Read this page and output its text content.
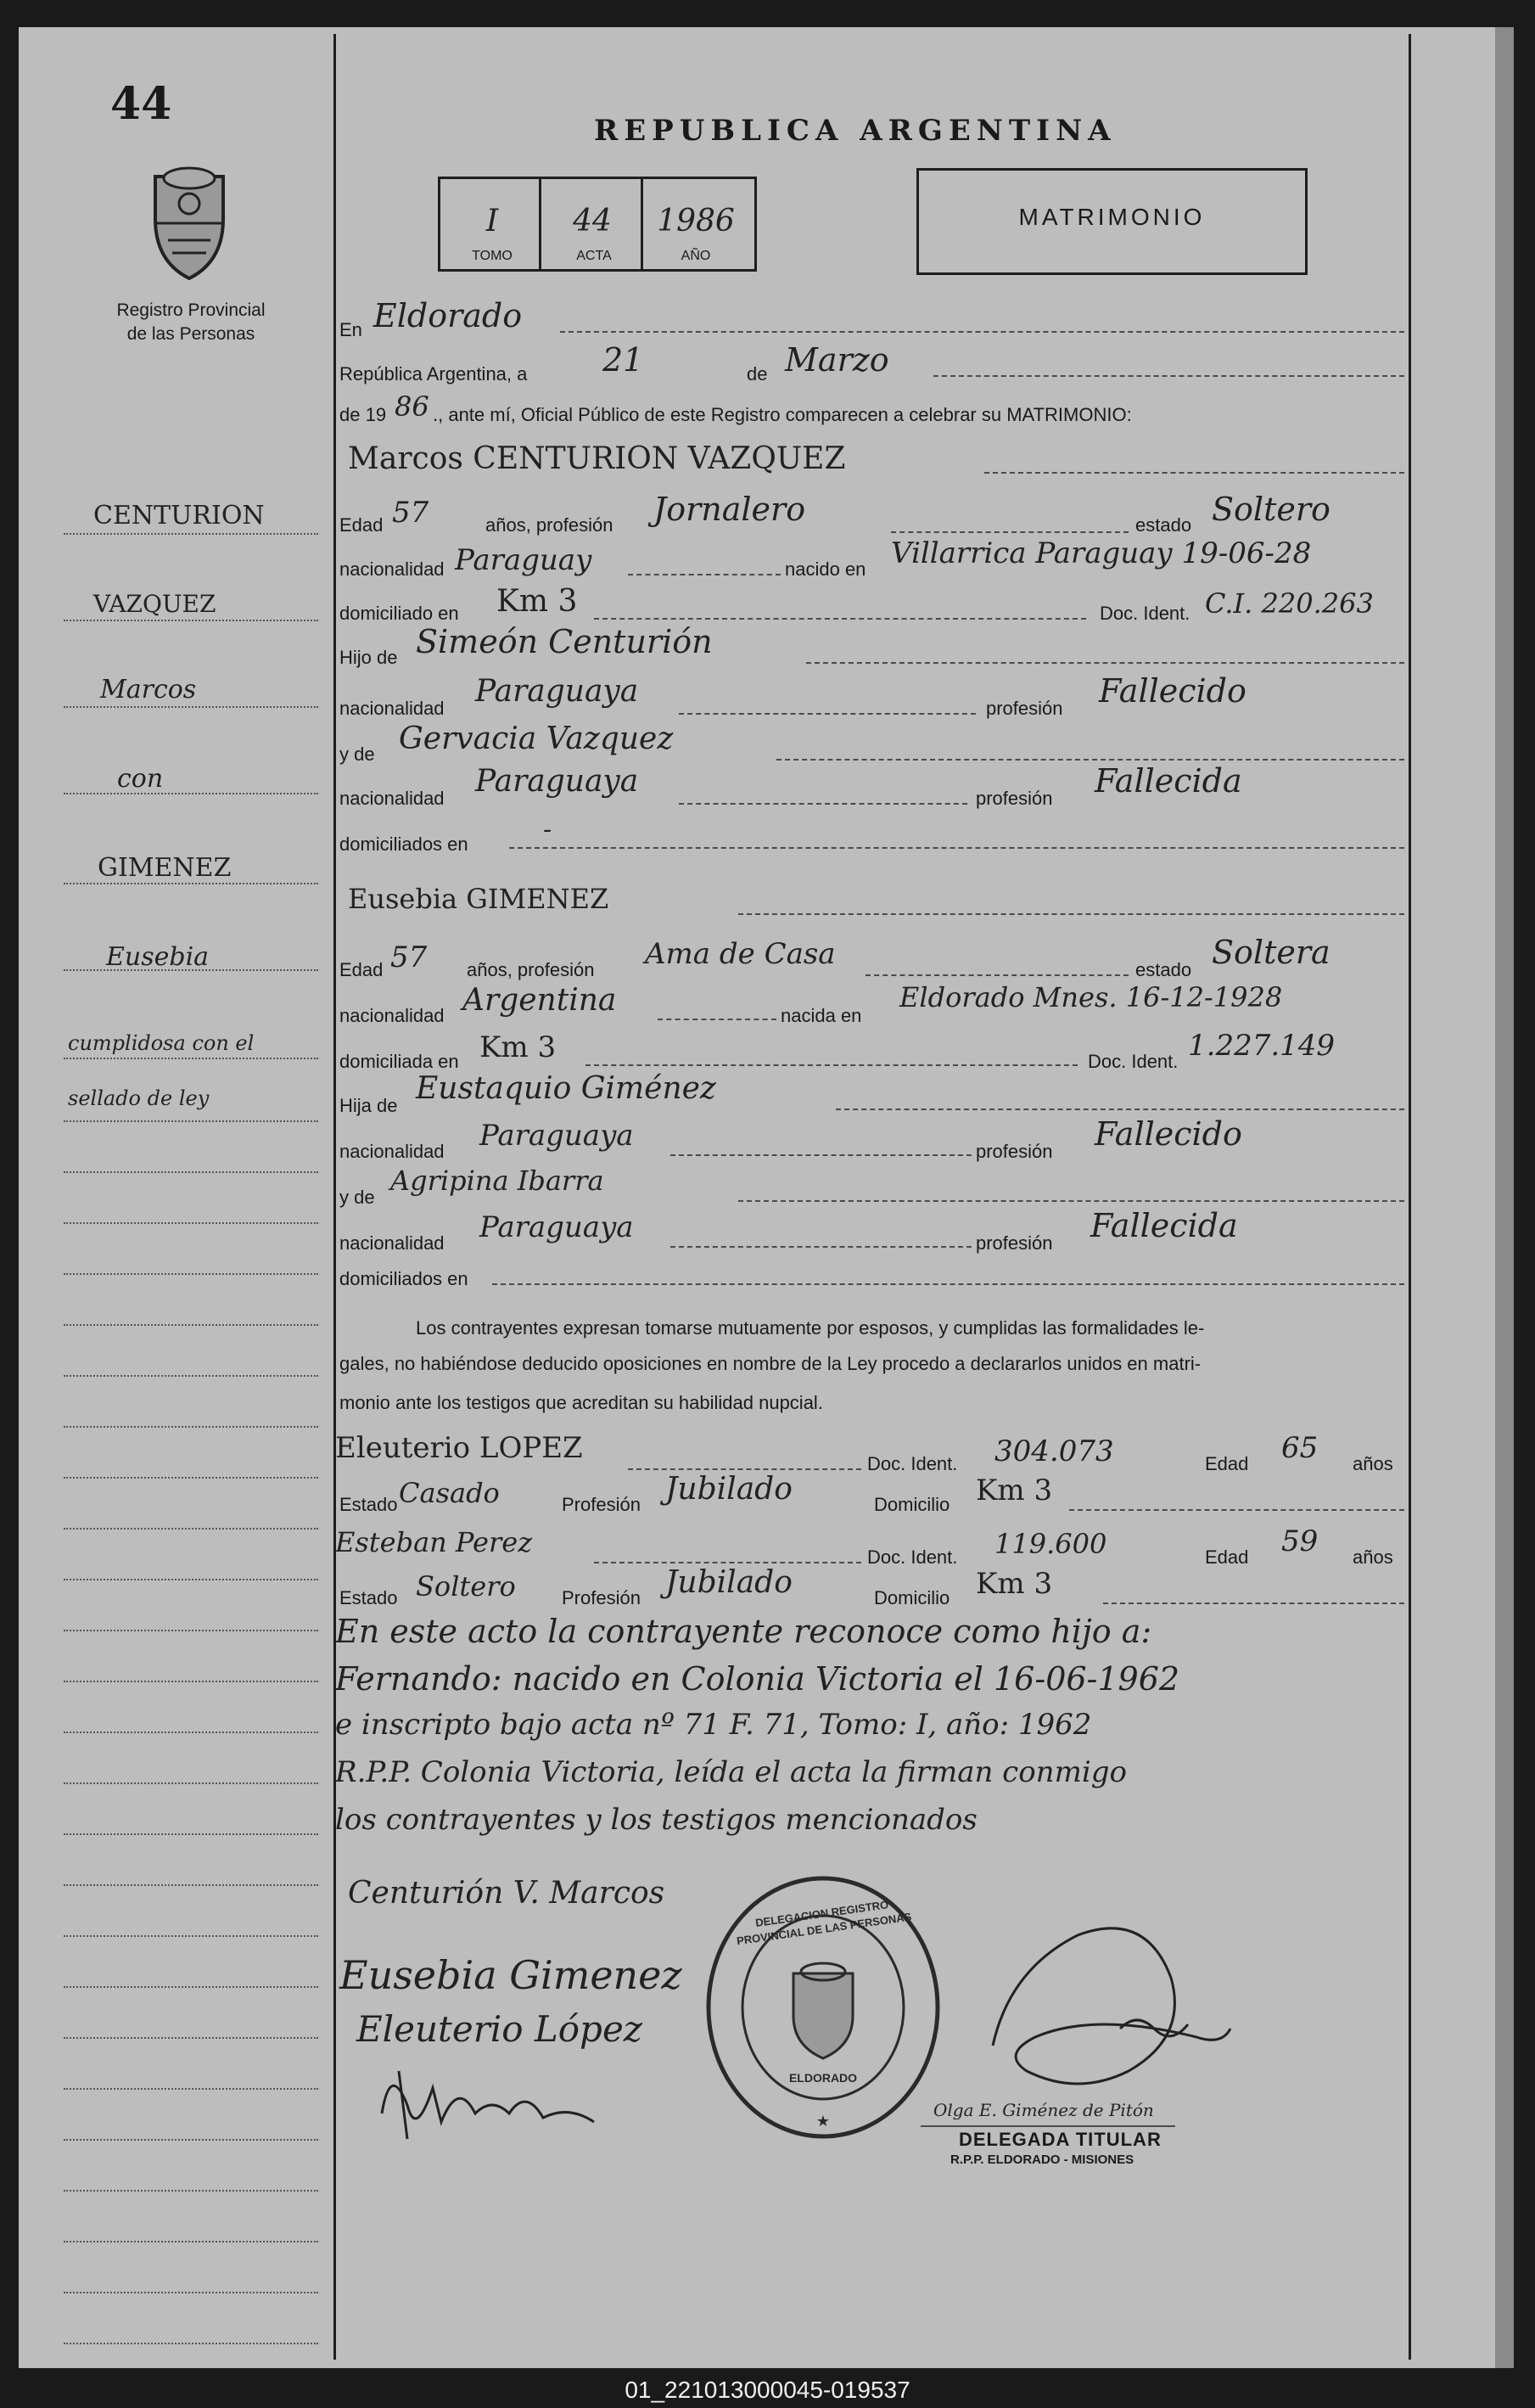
44
Registro Provincial
de las Personas
REPUBLICA ARGENTINA
I	44	1986
TOMO	ACTA	AÑO
MATRIMONIO
CENTURION
VAZQUEZ
Marcos
con
GIMENEZ
Eusebia
cumplidosa con el
sellado de ley
En Eldorado
República Argentina, a 21	de Marzo
de 19 86 ., ante mí, Oficial Público de este Registro comparecen a celebrar su MATRIMONIO:
Marcos CENTURION VAZQUEZ
Edad 57	años, profesión Jornalero	estado Soltero
nacionalidad Paraguay	nacido en Villarrica Paraguay 19-06-28
domiciliado en Km 3	Doc. Ident. C.I. 220.263
Hijo de Simeón Centurión
nacionalidad Paraguaya	profesión Fallecido
y de Gervacia Vazquez
nacionalidad Paraguaya	profesión Fallecida
domiciliados en	-
Eusebia GIMENEZ
Edad 57 años, profesión Ama de Casa	estado Soltera
nacionalidad Argentina	nacida en
Eldorado Mnes. 16-12-1928
domiciliada en Km 3	Doc. Ident. 1.227.149
Hija de Eustaquio Giménez
nacionalidad Paraguaya	profesión Fallecido
y de
Agripina Ibarra
nacionalidad Paraguaya	profesión Fallecida
domiciliados en
Los contrayentes expresan tomarse mutuamente por esposos, y cumplidas las formalidades le-
gales, no habiéndose deducido oposiciones en nombre de la Ley procedo a declararlos unidos en matri-
monio ante los testigos que acreditan su habilidad nupcial.
Eleuterio LOPEZ	Doc. Ident. 304.073	Edad 65 años
Estado Casado	Profesión Jubilado	Domicilio Km 3
Esteban Perez	Doc. Ident. 119.600	Edad 59 años
Estado Soltero Profesión Jubilado	Domicilio Km 3
En este acto la contrayente reconoce como hijo a:
Fernando: nacido en Colonia Victoria el 16-06-1962
e inscripto bajo acta nº 71 F. 71, Tomo: I, año: 1962
R.P.P. Colonia Victoria, leída el acta la firman conmigo
los contrayentes y los testigos mencionados
Centurión V. Marcos
Eusebia Gimenez
Eleuterio López
★
DELEGACION REGISTRO PROVINCIAL DE LAS PERSONAS
ELDORADO
Olga E. Giménez de Pitón
DELEGADA TITULAR
R.P.P. ELDORADO - MISIONES
01_221013000045-019537
